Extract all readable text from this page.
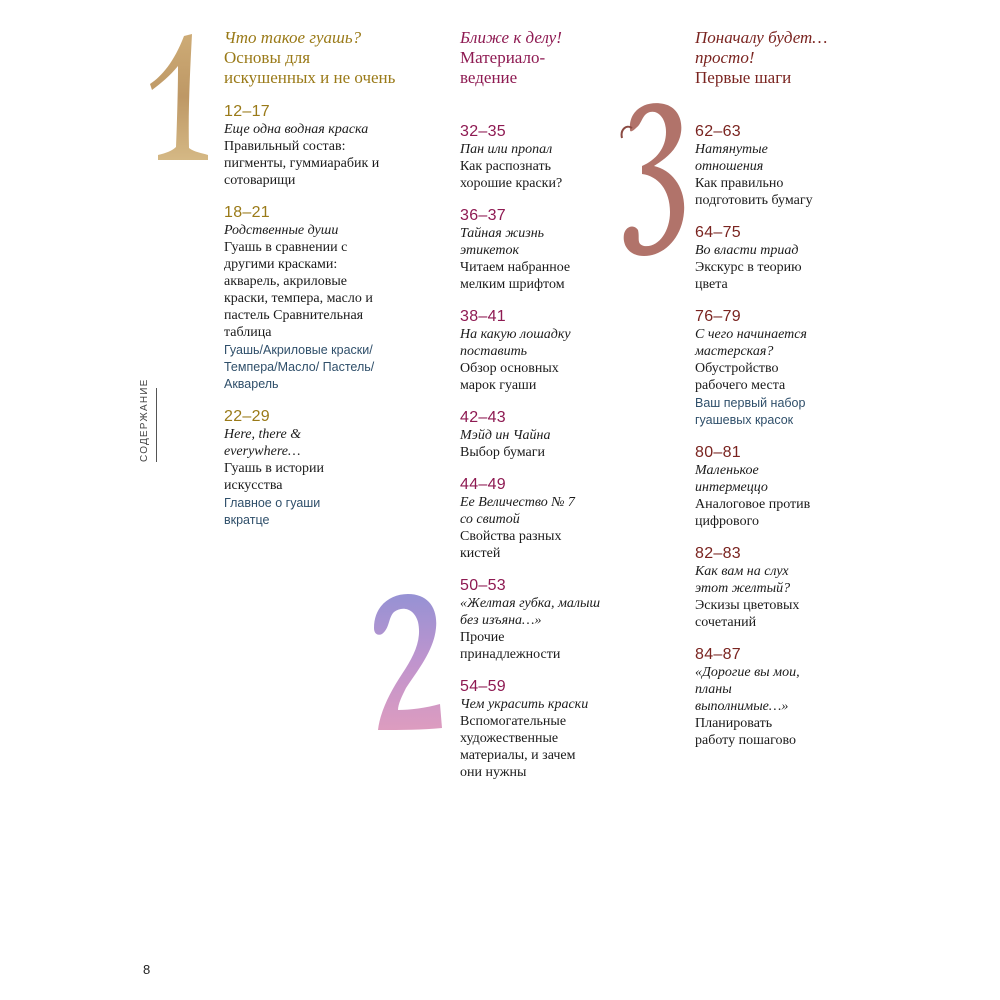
СОДЕРЖАНИЕ
8
Что такое гуашь?
Основы для искушенных и не очень
12–17
Еще одна водная краска
Правильный состав: пигменты, гуммиарабик и сотоварищи
18–21
Родственные души
Гуашь в сравнении с другими красками: акварель, акриловые краски, темпера, масло и пастель Сравнительная таблица
Гуашь/Акриловые краски/Темпера/Масло/ Пастель/Акварель
22–29
Here, there & everywhere…
Гуашь в истории искусства
Главное о гуаши вкратце
Ближе к делу!
Материало-ведение
32–35
Пан или пропал
Как распознать хорошие краски?
36–37
Тайная жизнь этикеток
Читаем набранное мелким шрифтом
38–41
На какую лошадку поставить
Обзор основных марок гуаши
42–43
Мэйд ин Чайна
Выбор бумаги
44–49
Ее Величество № 7 со свитой
Свойства разных кистей
50–53
«Желтая губка, малыш без изъяна…»
Прочие принадлежности
54–59
Чем украсить краски
Вспомогательные художественные материалы, и зачем они нужны
Поначалу будет… просто!
Первые шаги
62–63
Натянутые отношения
Как правильно подготовить бумагу
64–75
Во власти триад
Экскурс в теорию цвета
76–79
С чего начинается мастерская?
Обустройство рабочего места
Ваш первый набор гуашевых красок
80–81
Маленькое интермеццо
Аналоговое против цифрового
82–83
Как вам на слух этот желтый?
Эскизы цветовых сочетаний
84–87
«Дорогие вы мои, планы выполнимые…»
Планировать работу пошагово
